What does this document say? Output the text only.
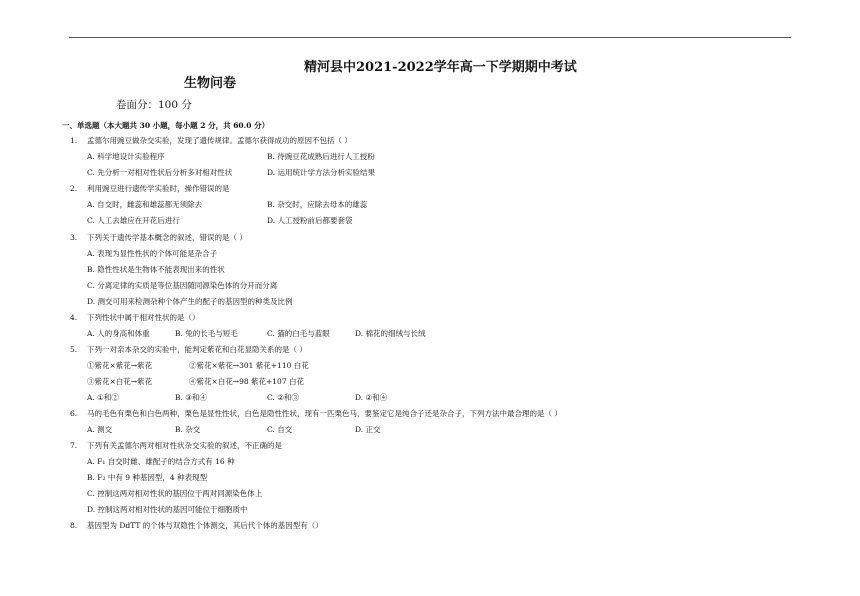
精河县中2021-2022学年高一下学期期中考试
生物问卷
卷面分：100 分
一、单选题（本大题共 30 小题，每小题 2 分，共 60.0 分）
1. 孟德尔用豌豆做杂交实验，发现了遗传规律。孟德尔获得成功的原因不包括（ ）
A. 科学地设计实验程序	B. 待豌豆花成熟后进行人工授粉
C. 先分析一对相对性状后分析多对相对性状	D. 运用统计学方法分析实验结果
2. 利用豌豆进行遗传学实验时，操作错误的是
A. 自交时，雌蕊和雄蕊都无须除去	B. 杂交时，应除去母本的雄蕊
C. 人工去雄应在开花后进行	D. 人工授粉前后都要套袋
3. 下列关于遗传学基本概念的叙述，错误的是（ ）
A. 表现为显性性状的个体可能是杂合子
B. 隐性性状是生物体不能表现出来的性状
C. 分离定律的实质是等位基因随同源染色体的分开而分离
D. 测交可用来检测杂种个体产生的配子的基因型的种类及比例
4. 下列性状中属于相对性状的是（）
A. 人的身高和体重	B. 兔的长毛与短毛	C. 猫的白毛与蓝眼	D. 棉花的细绒与长绒
5. 下列一对亲本杂交的实验中，能判定紫花和白花显隐关系的是（ ）
①紫花×紫花→紫花	②紫花×紫花→301 紫花+110 白花
③紫花×白花→紫花	④紫花×白花→98 紫花+107 白花
A. ①和②	B. ③和④	C. ②和③	D. ②和④
6. 马的毛色有栗色和白色两种，栗色是显性性状，白色是隐性性状，现有一匹栗色马，要鉴定它是纯合子还是杂合子，下列方法中最合理的是（ ）
A. 测交	B. 杂交	C. 自交	D. 正交
7. 下列有关孟德尔两对相对性状杂交实验的叙述，不正确的是
A. F₁ 自交时雌、雄配子的结合方式有 16 种
B. F₂ 中有 9 种基因型，4 种表现型
C. 控制这两对相对性状的基因位于两对同源染色体上
D. 控制这两对相对性状的基因可能位于细胞质中
8. 基因型为 DdTT 的个体与双隐性个体测交，其后代个体的基因型有（）
